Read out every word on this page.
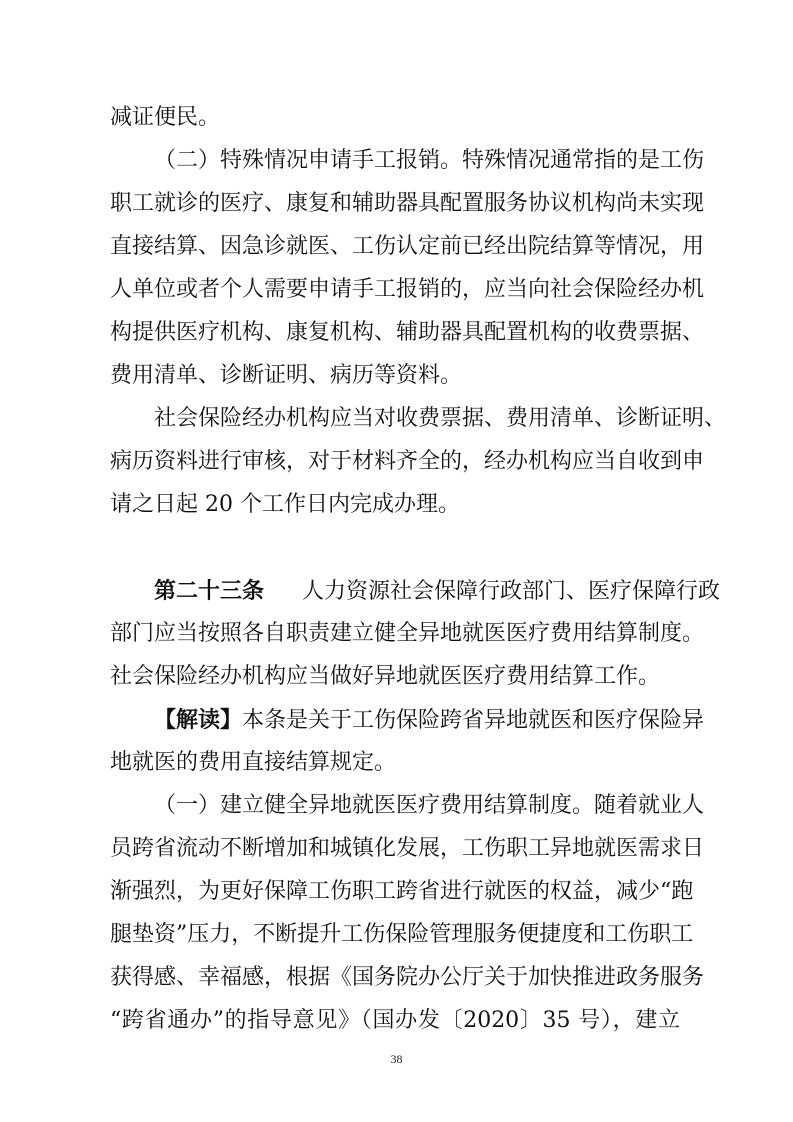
减证便民。
（二）特殊情况申请手工报销。特殊情况通常指的是工伤
职工就诊的医疗、康复和辅助器具配置服务协议机构尚未实现
直接结算、因急诊就医、工伤认定前已经出院结算等情况，用
人单位或者个人需要申请手工报销的，应当向社会保险经办机
构提供医疗机构、康复机构、辅助器具配置机构的收费票据、
费用清单、诊断证明、病历等资料。
社会保险经办机构应当对收费票据、费用清单、诊断证明、
病历资料进行审核，对于材料齐全的，经办机构应当自收到申
请之日起 20 个工作日内完成办理。
第二十三条 人力资源社会保障行政部门、医疗保障行政
部门应当按照各自职责建立健全异地就医医疗费用结算制度。
社会保险经办机构应当做好异地就医医疗费用结算工作。
【解读】本条是关于工伤保险跨省异地就医和医疗保险异
地就医的费用直接结算规定。
（一）建立健全异地就医医疗费用结算制度。随着就业人
员跨省流动不断增加和城镇化发展，工伤职工异地就医需求日
渐强烈，为更好保障工伤职工跨省进行就医的权益，减少“跑
腿垫资”压力，不断提升工伤保险管理服务便捷度和工伤职工
获得感、幸福感，根据《国务院办公厅关于加快推进政务服务
“跨省通办”的指导意见》（国办发〔2020〕35 号），建立
38
